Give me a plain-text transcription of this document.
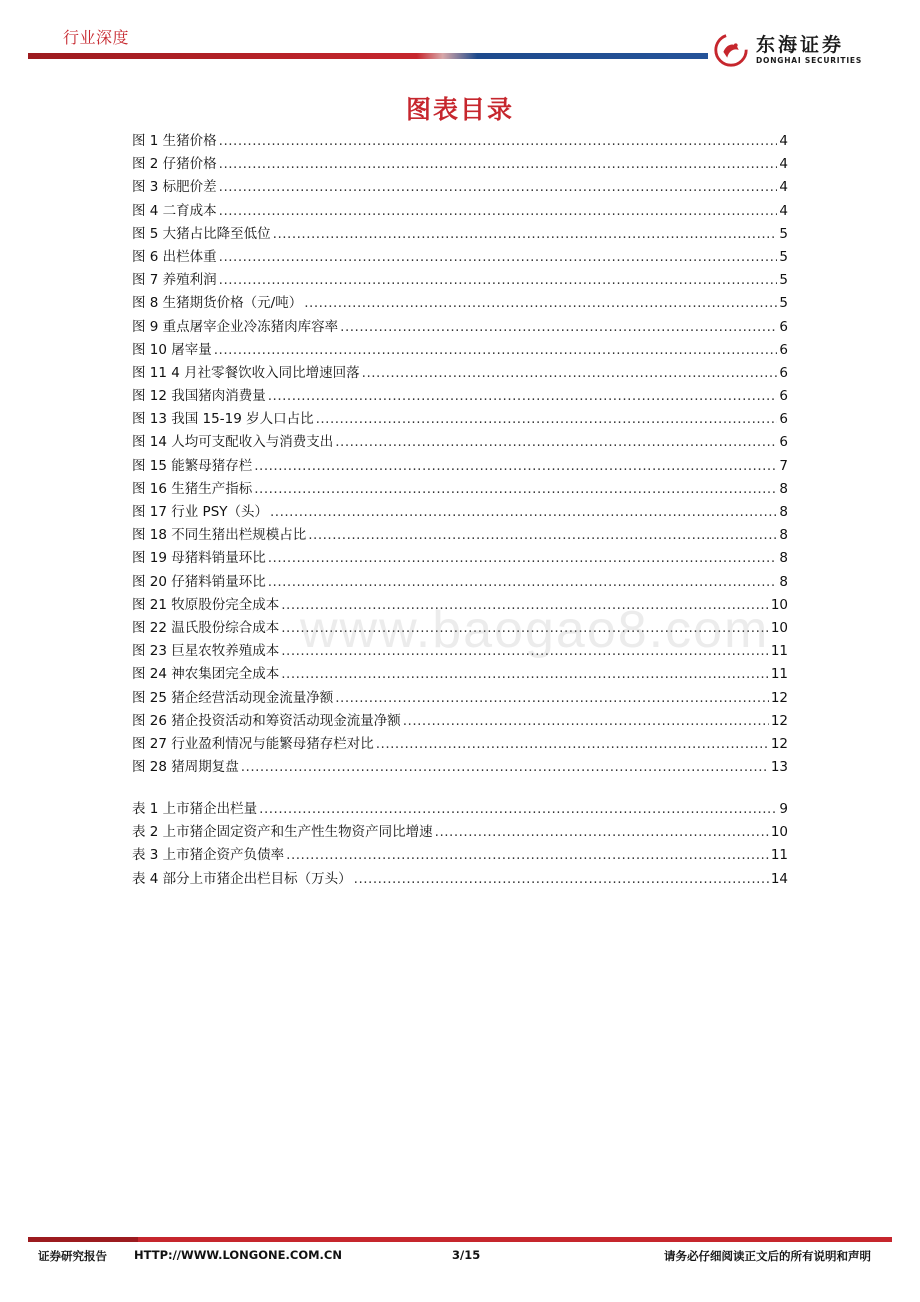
行业深度	东海证券
DONGHAI SECURITIES
图表目录
图 1 生猪价格 .....	4
图 2 仔猪价格 .....	4
图 3 标肥价差 .....	4
图 4 二育成本 .....	4
图 5 大猪占比降至低位 .....	5
图 6 出栏体重 .....	5
图 7 养殖利润 .....	5
图 8 生猪期货价格（元/吨） .....	5
图 9 重点屠宰企业冷冻猪肉库容率 .....	6
图 10 屠宰量 .....	6
图 11 4 月社零餐饮收入同比增速回落 .....	6
图 12 我国猪肉消费量 .....	6
图 13 我国 15-19 岁人口占比 .....	6
图 14 人均可支配收入与消费支出 .....	6
图 15 能繁母猪存栏 .....	7
图 16 生猪生产指标 .....	8
图 17 行业 PSY（头） .....	8
图 18 不同生猪出栏规模占比 .....	8
图 19 母猪料销量环比 .....	8
图 20 仔猪料销量环比 .....	8
图 21 牧原股份完全成本 .....	10
图 22 温氏股份综合成本 .....	10
图 23 巨星农牧养殖成本 .....	11
图 24 神农集团完全成本 .....	11
图 25 猪企经营活动现金流量净额 .....	12
图 26 猪企投资活动和筹资活动现金流量净额 .....	12
图 27 行业盈利情况与能繁母猪存栏对比 .....	12
图 28 猪周期复盘 .....	13
表 1 上市猪企出栏量 .....	9
表 2 上市猪企固定资产和生产性生物资产同比增速 .....	10
表 3 上市猪企资产负债率 .....	11
表 4 部分上市猪企出栏目标（万头） .....	14
www.baogao8.com
证券研究报告 HTTP://WWW.LONGONE.COM.CN	3/15	请务必仔细阅读正文后的所有说明和声明
